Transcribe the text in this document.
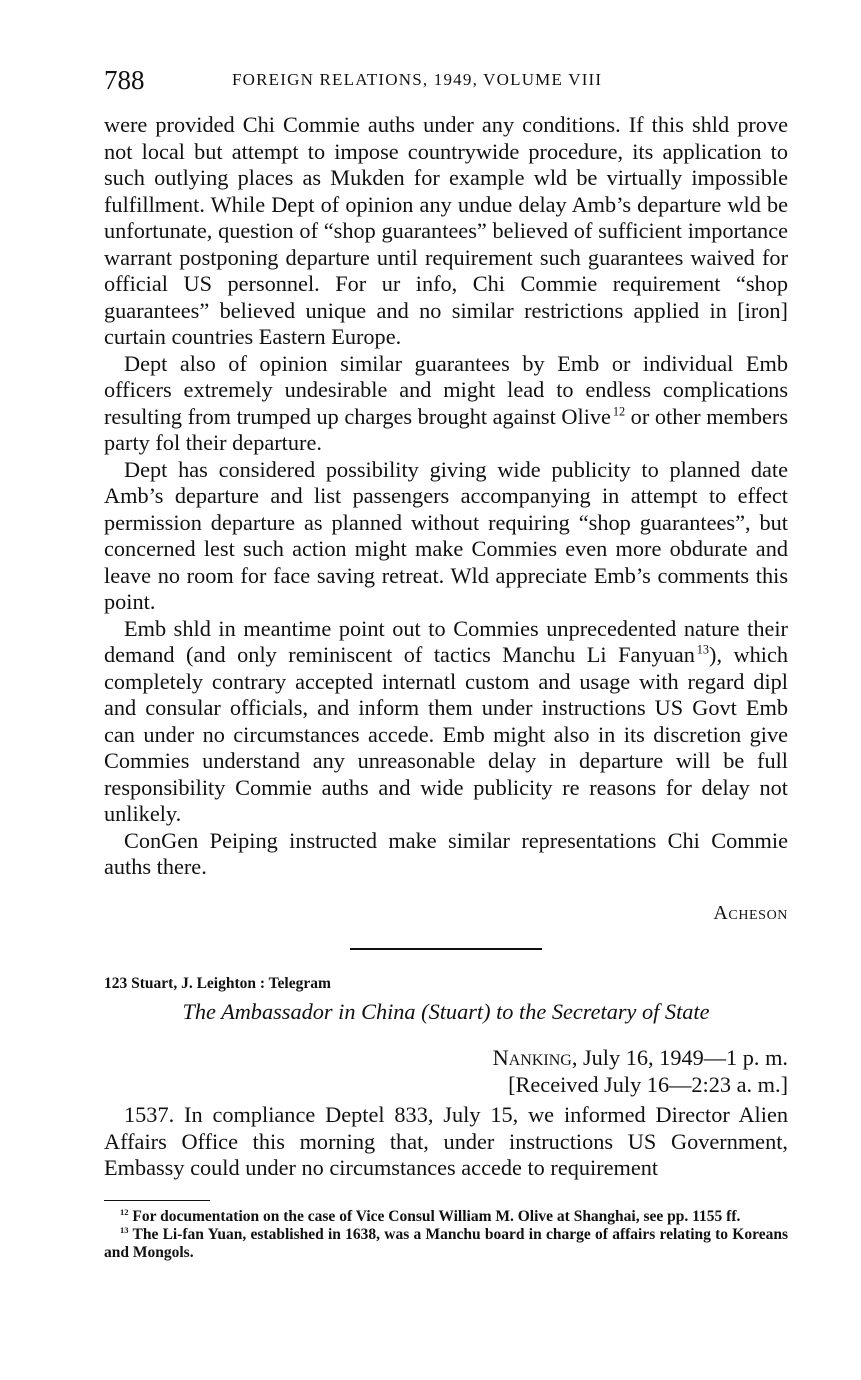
788	FOREIGN RELATIONS, 1949, VOLUME VIII

were provided Chi Commie auths under any conditions. If this shld prove not local but attempt to impose countrywide procedure, its application to such outlying places as Mukden for example wld be virtually impossible fulfillment. While Dept of opinion any undue delay Amb’s departure wld be unfortunate, question of “shop guarantees” believed of sufficient importance warrant postponing departure until requirement such guarantees waived for official US personnel. For ur info, Chi Commie requirement “shop guarantees” believed unique and no similar restrictions applied in [iron] curtain countries Eastern Europe.

Dept also of opinion similar guarantees by Emb or individual Emb officers extremely undesirable and might lead to endless complications resulting from trumped up charges brought against Olive  $^{12}$ or other members party fol their departure.

Dept has considered possibility giving wide publicity to planned date Amb’s departure and list passengers accompanying in attempt to effect permission departure as planned without requiring “shop guarantees”, but concerned lest such action might make Commies even more obdurate and leave no room for face saving retreat. Wld appreciate Emb’s comments this point.

Emb shld in meantime point out to Commies unprecedented nature their demand (and only reminiscent of tactics Manchu Li Fanyuan  $^{13}$), which completely contrary accepted internatl custom and usage with regard dipl and consular officials, and inform them under instructions US Govt Emb can under no circumstances accede. Emb might also in its discretion give Commies understand any unreasonable delay in departure will be full responsibility Commie auths and wide publicity re reasons for delay not unlikely.

ConGen Peiping instructed make similar representations Chi Commie auths there.

Acheson
123 Stuart, J. Leighton : Telegram
The Ambassador in China (Stuart) to the Secretary of State
Nanking, July 16, 1949—1 p. m.
[Received July 16—2:23 a. m.]

1537. In compliance Deptel 833, July 15, we informed Director Alien Affairs Office this morning that, under instructions US Government, Embassy could under no circumstances accede to requirement

$^{12}$ For documentation on the case of Vice Consul William M. Olive at Shanghai, see pp. 1155 ff.

$^{13}$ The Li-fan Yuan, established in 1638, was a Manchu board in charge of affairs relating to Koreans and Mongols.
